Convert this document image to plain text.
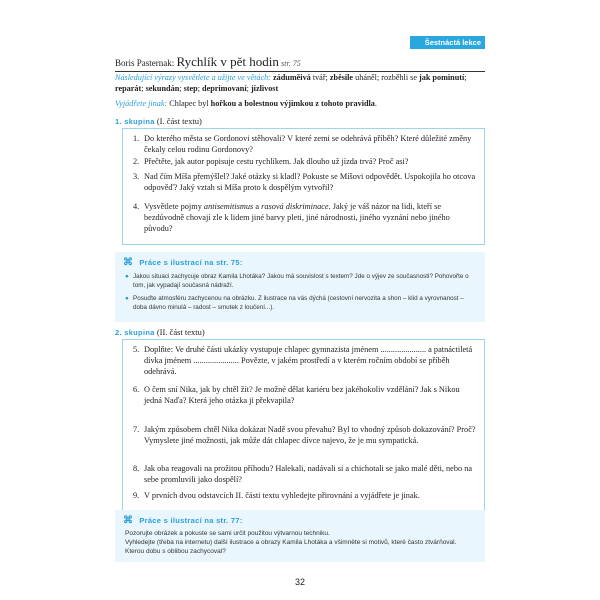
Šestnáctá lekce
Boris Pasternak: Rychlík v pět hodin str. 75
Následující výrazy vysvětlete a užijte ve větách: záduměivá tvář; zběsile uháněl; rozběhli se jak pominutí; reparát; sekundán; step; deprimovaní; jízlivost
Vyjádřete jinak: Chlapec byl hořkou a bolestnou výjimkou z tohoto pravidla.
1. skupina (I. část textu)
1. Do kterého města se Gordonovi stěhovali? V které zemi se odehrává příběh? Které důležité změny čekaly celou rodinu Gordonovy?
2. Přečtěte, jak autor popisuje cestu rychlíkem. Jak dlouho už jízda trvá? Proč asi?
3. Nad čím Míša přemýšlel? Jaké otázky si kladl? Pokuste se Míšovi odpovědět. Uspokojila ho otcova odpověď? Jaký vztah si Míša proto k dospělým vytvořil?
4. Vysvětlete pojmy antisemitismus a rasová diskriminace. Jaký je váš názor na lidi, kteří se bezdůvodně chovají zle k lidem jiné barvy pleti, jiné národnosti, jiného vyznání nebo jiného původu?
⌘ Práce s ilustrací na str. 75:
● Jakou situaci zachycuje obraz Kamila Lhotáka? Jakou má souvislost s textem? Jde o výjev ze současnosti? Pohovořte o tom, jak vypadají současná nádraží.
● Posuďte atmosféru zachycenou na obrázku. Z ilustrace na vás dýchá (cestovní nervozita a shon – klid a vyrovnanost – doba dávno minulá – radost – smutek z loučení...).
2. skupina (II. část textu)
5. Doplňte: Ve druhé části ukázky vystupuje chlapec gymnazista jménem ...................... a patnáctiletá dívka jménem ...................... Povězte, v jakém prostředí a v kterém ročním období se příběh odehrává.
6. O čem sní Nika, jak by chtěl žít? Je možné dělat kariéru bez jakéhokoliv vzdělání? Jak s Nikou jedná Naďa? Která jeho otázka ji překvapila?
7. Jakým způsobem chtěl Nika dokázat Nadě svou převahu? Byl to vhodný způsob dokazování? Proč? Vymyslete jiné možnosti, jak může dát chlapec dívce najevo, že je mu sympatická.
8. Jak oba reagovali na prožitou příhodu? Halekali, nadávali si a chichotali se jako malé děti, nebo na sebe promluvili jako dospělí?
9. V prvních dvou odstavcích II. části textu vyhledejte přirovnání a vyjádřete je jinak.
⌘ Práce s ilustrací na str. 77:
Pozorujte obrázek a pokuste se sami určit použitou výtvarnou techniku.
Vyhledejte (třeba na internetu) další ilustrace a obrazy Kamila Lhotáka a všimněte si motivů, které často ztvárňoval. Kterou dobu s oblibou zachycoval?
32
